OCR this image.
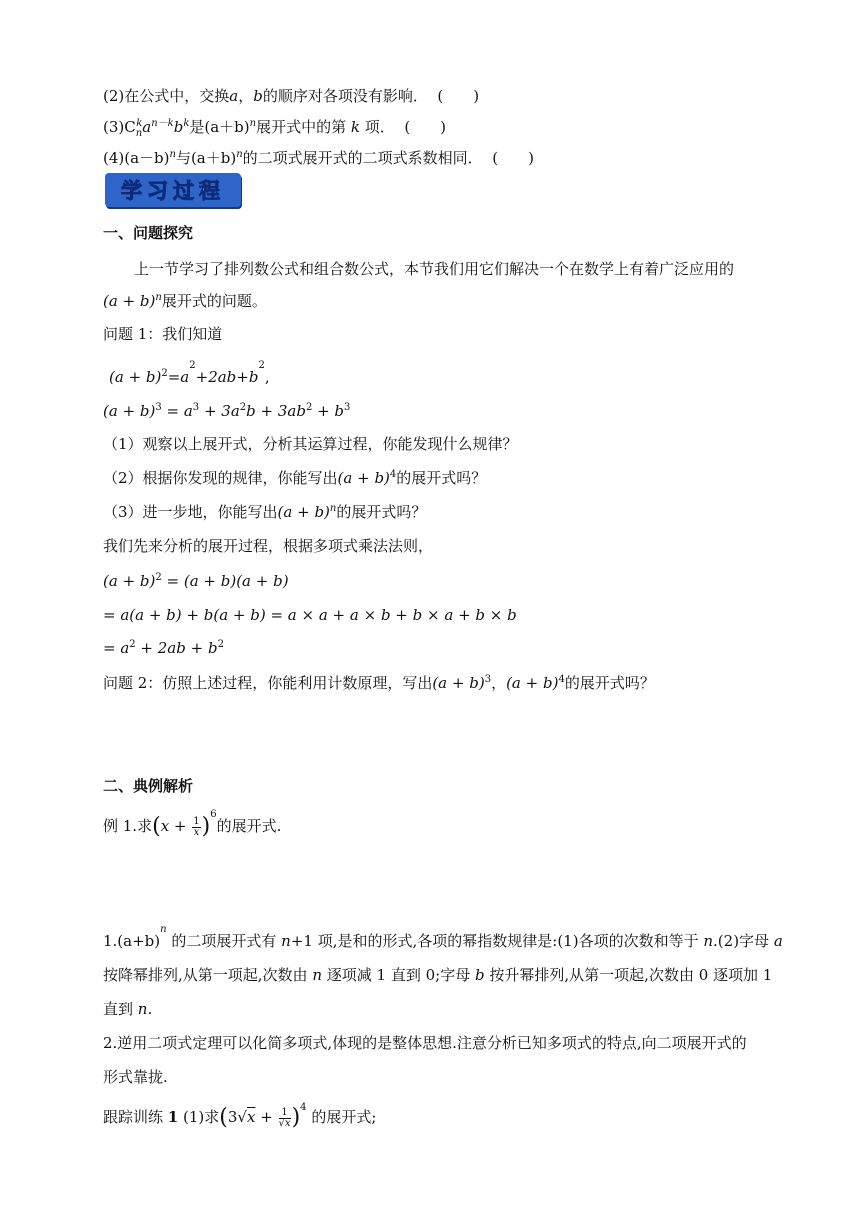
(2)在公式中，交换a，b的顺序对各项没有影响． (　　)
$(3)C_n^ka^{n-k}b^k$是$(a+b)^n$展开式中的第 k 项． (　　)
$(4)(a-b)^n$与$(a+b)^n$的二项式展开式的二项式系数相同． (　　)
学习过程
一、问题探究
上一节学习了排列数公式和组合数公式，本节我们用它们解决一个在数学上有着广泛应用的
$(a + b)^n$展开式的问题。
问题 1：我们知道
$(a + b)^2=a^2+2ab+b^2$,
$(a + b)^3 = a^3 + 3a^2b + 3ab^2 + b^3$
（1）观察以上展开式，分析其运算过程，你能发现什么规律？
（2）根据你发现的规律，你能写出$(a + b)^4$的展开式吗？
（3）进一步地，你能写出$(a + b)^n$的展开式吗？
我们先来分析的展开过程，根据多项式乘法法则，
$(a + b)^2 = (a + b)(a + b)$
= a(a + b) + b(a + b) = a × a + a × b + b × a + b × b
= $a^2 + 2ab + b^2$
问题 2：仿照上述过程，你能利用计数原理，写出$(a + b)^3$，$(a + b)^4$的展开式吗？
二、典例解析
例 1.求$(x + \frac{1}{x} )^6$的展开式.
$1.(a+b)^n$ 的二项展开式有 n+1 项,是和的形式,各项的幂指数规律是:(1)各项的次数和等于 n.(2)字母 a
按降幂排列,从第一项起,次数由 n 逐项减 1 直到 0;字母 b 按升幂排列,从第一项起,次数由 0 逐项加 1
直到 n.
2.逆用二项式定理可以化简多项式,体现的是整体思想.注意分析已知多项式的特点,向二项展开式的
形式靠拢.
跟踪训练 1 (1)求$(3√x + \frac{1}{√x} )^4$ 的展开式;
